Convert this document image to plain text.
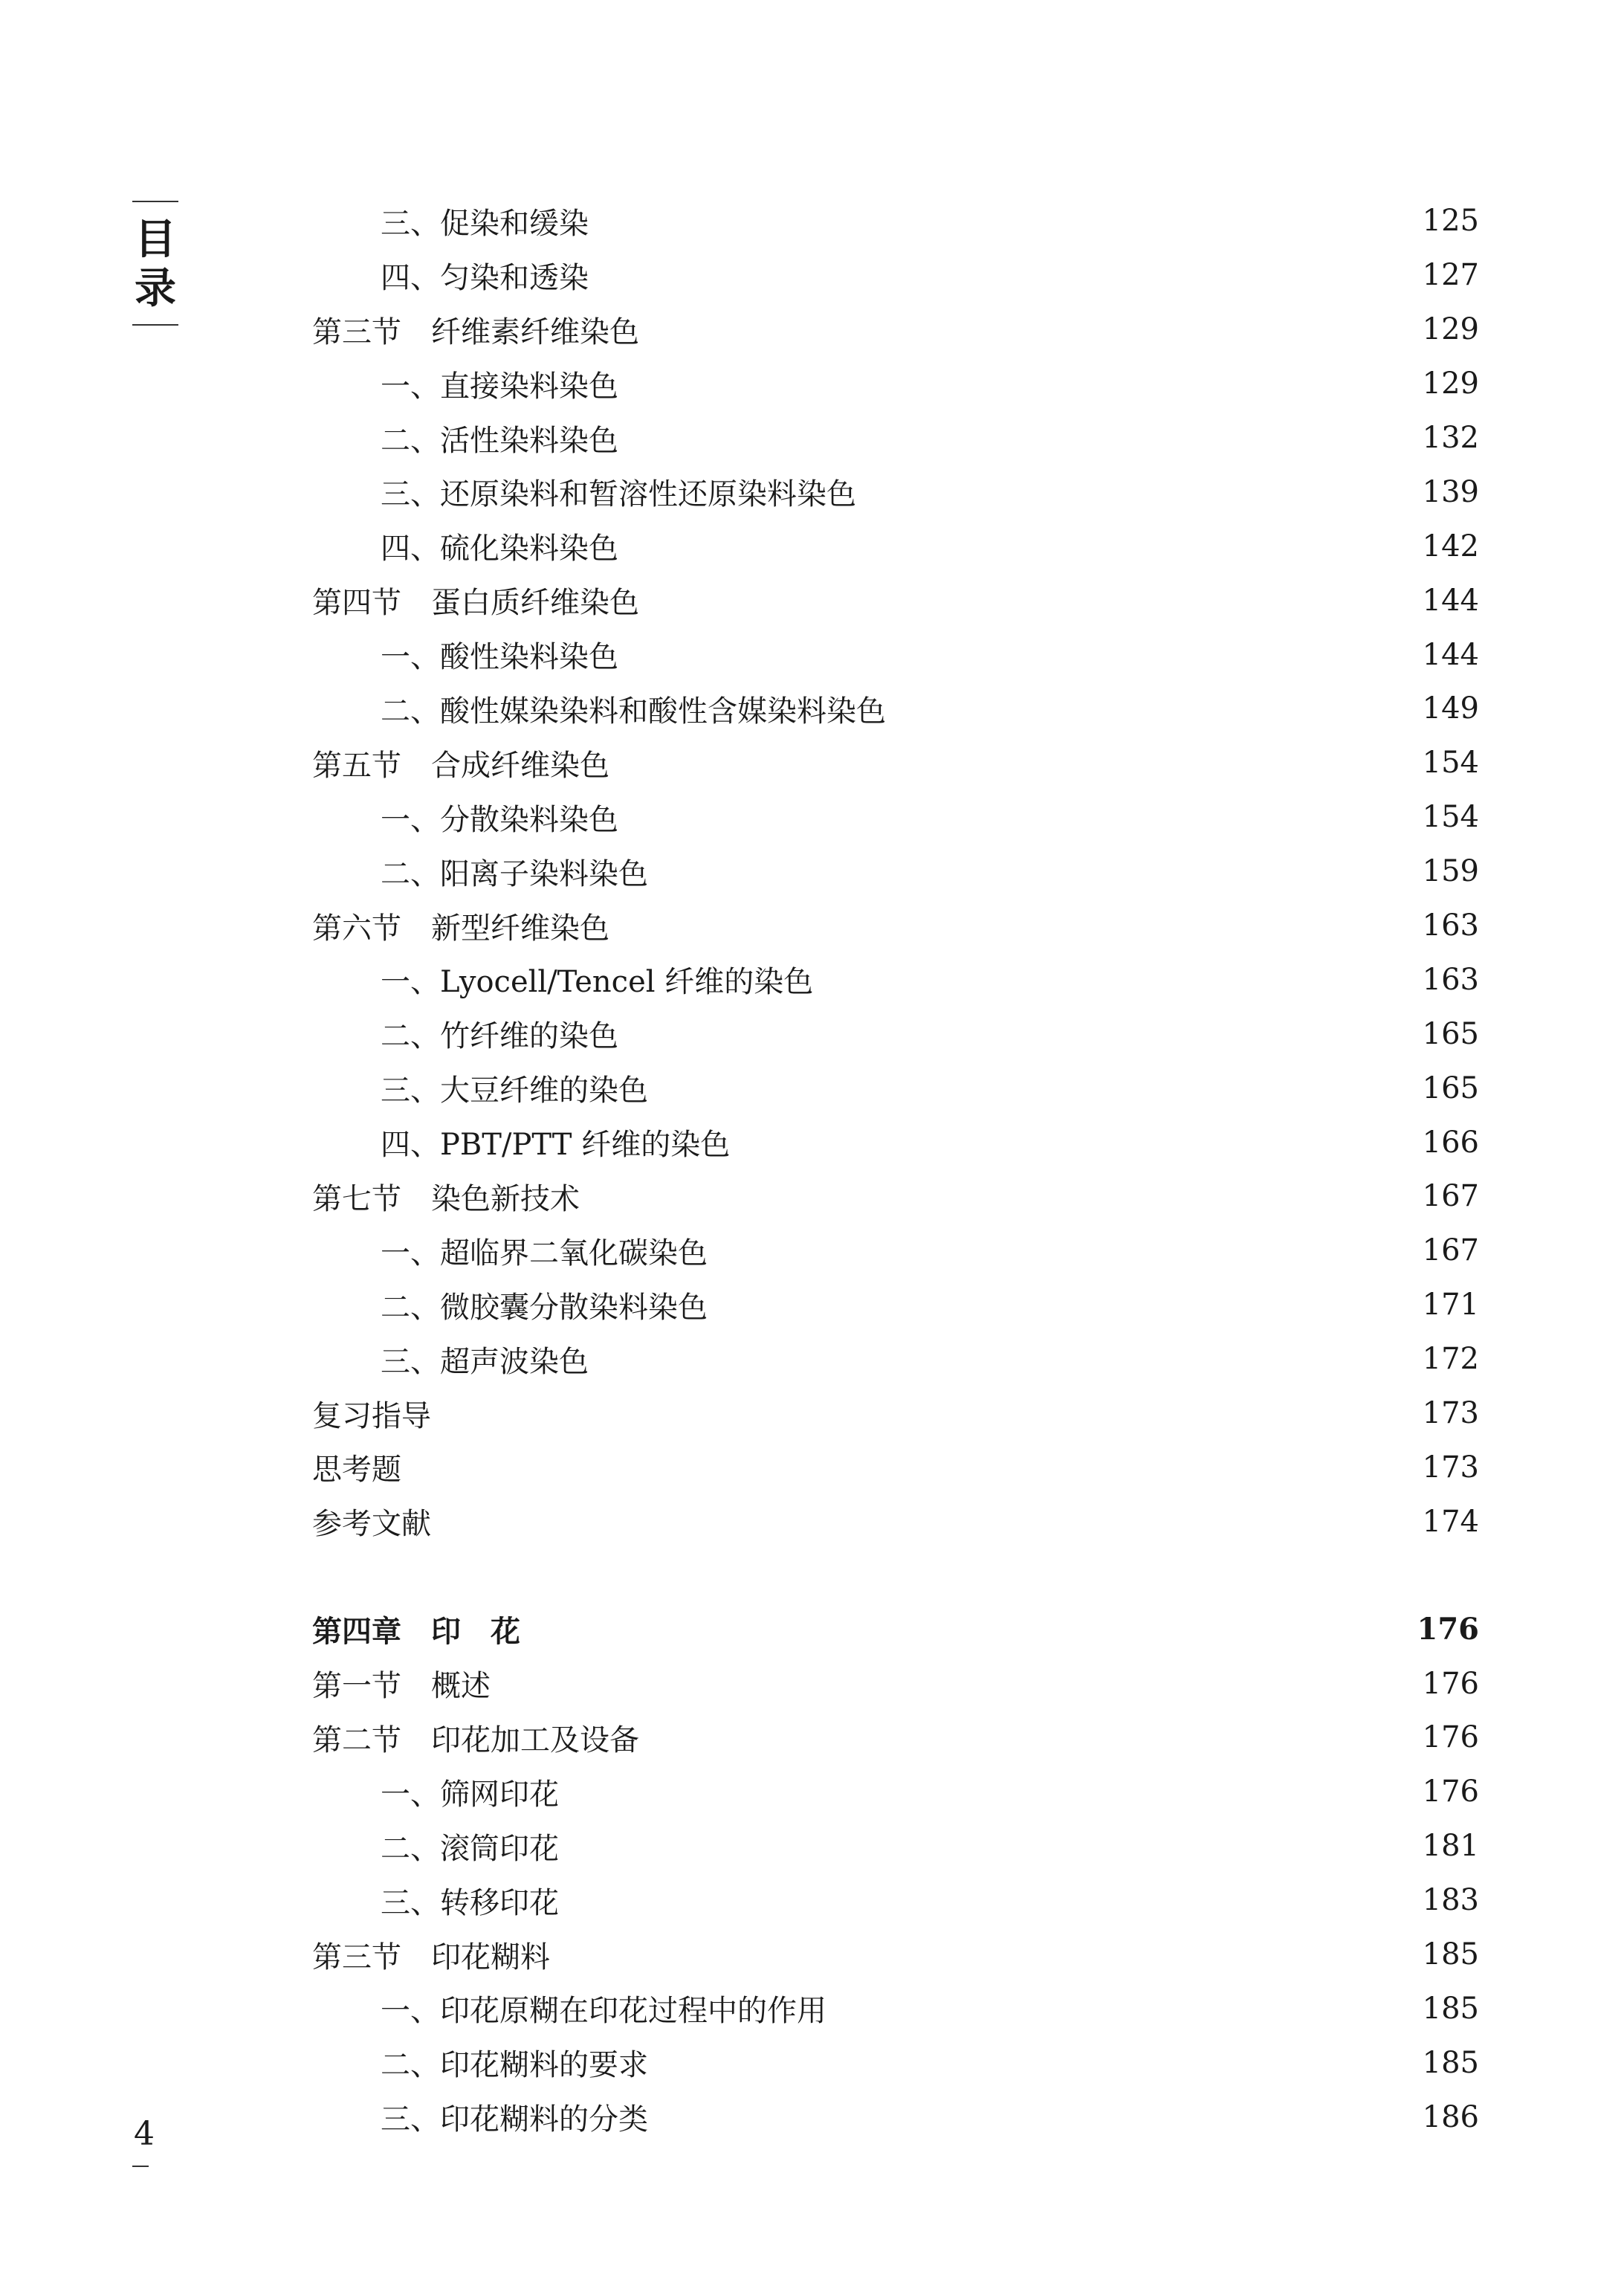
目
录
三、 促染和缓染	125
四、 匀染和透染	127
第三节 纤维素纤维染色	129
一、 直接染料染色	129
二、 活性染料染色	132
三、 还原染料和暂溶性还原染料染色	139
四、 硫化染料染色	142
第四节 蛋白质纤维染色	144
一、 酸性染料染色	144
二、 酸性媒染染料和酸性含媒染料染色	149
第五节 合成纤维染色	154
一、 分散染料染色	154
二、 阳离子染料染色	159
第六节 新型纤维染色	163
一、 Lyocell/Tencel 纤维的染色	163
二、 竹纤维的染色	165
三、 大豆纤维的染色	165
四、 PBT/PTT 纤维的染色	166
第七节 染色新技术	167
一、 超临界二氧化碳染色	167
二、 微胶囊分散染料染色	171
三、 超声波染色	172
复习指导	173
思考题	173
参考文献	174
第四章 印　花	176
第一节 概述	176
第二节 印花加工及设备	176
一、 筛网印花	176
二、 滚筒印花	181
三、 转移印花	183
第三节 印花糊料	185
一、 印花原糊在印花过程中的作用	185
二、 印花糊料的要求	185
三、 印花糊料的分类	186
4
